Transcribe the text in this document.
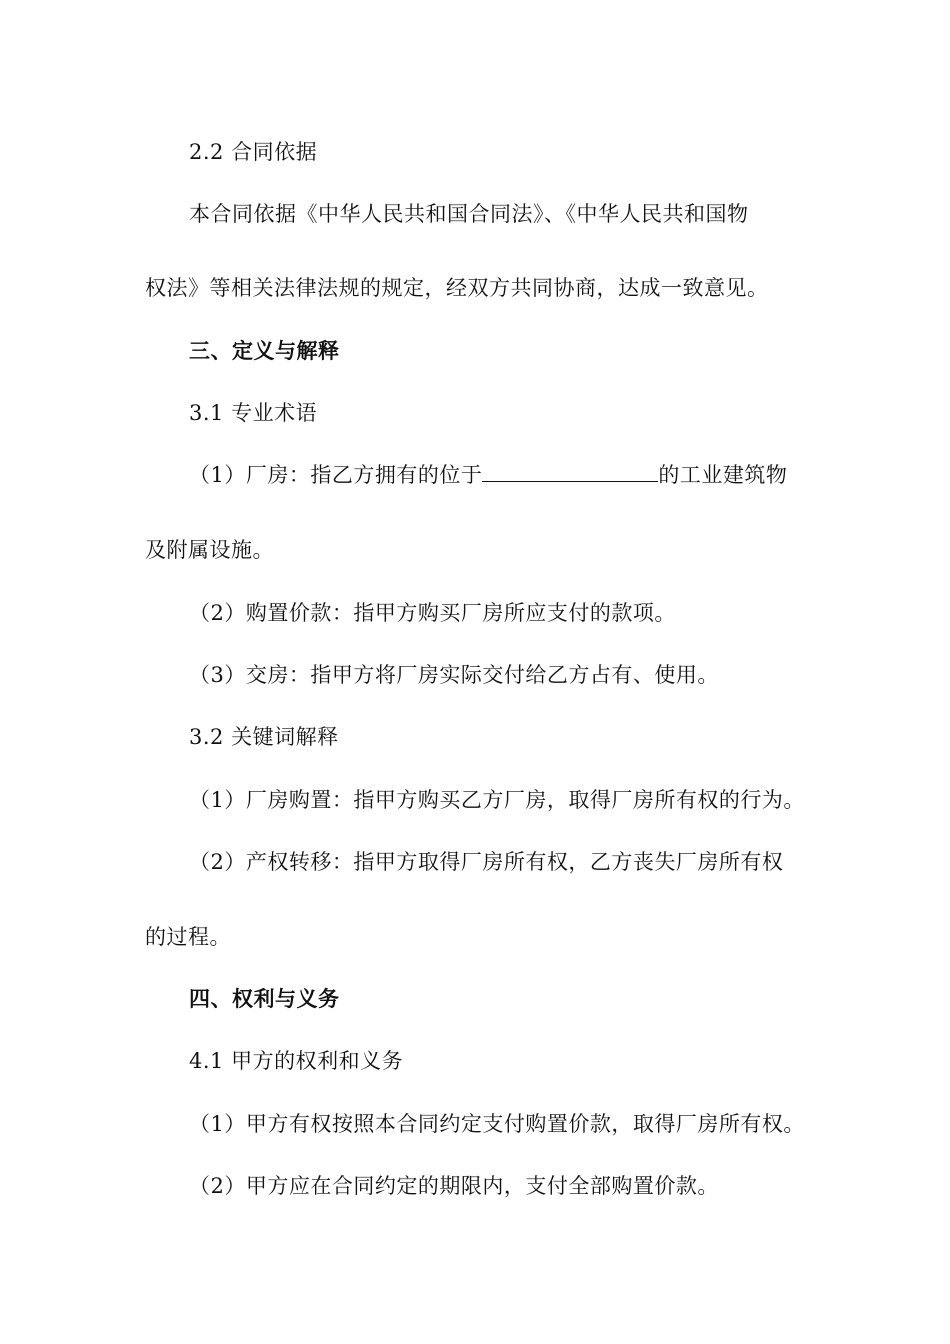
2.2 合同依据
本合同依据《中华人民共和国合同法》、《中华人民共和国物
权法》等相关法律法规的规定，经双方共同协商，达成一致意见。
三、定义与解释
3.1 专业术语
（1）厂房：指乙方拥有的位于	的工业建筑物
及附属设施。
（2）购置价款：指甲方购买厂房所应支付的款项。
（3）交房：指甲方将厂房实际交付给乙方占有、使用。
3.2 关键词解释
（1）厂房购置：指甲方购买乙方厂房，取得厂房所有权的行为。
（2）产权转移：指甲方取得厂房所有权，乙方丧失厂房所有权
的过程。
四、权利与义务
4.1 甲方的权利和义务
（1）甲方有权按照本合同约定支付购置价款，取得厂房所有权。
（2）甲方应在合同约定的期限内，支付全部购置价款。
